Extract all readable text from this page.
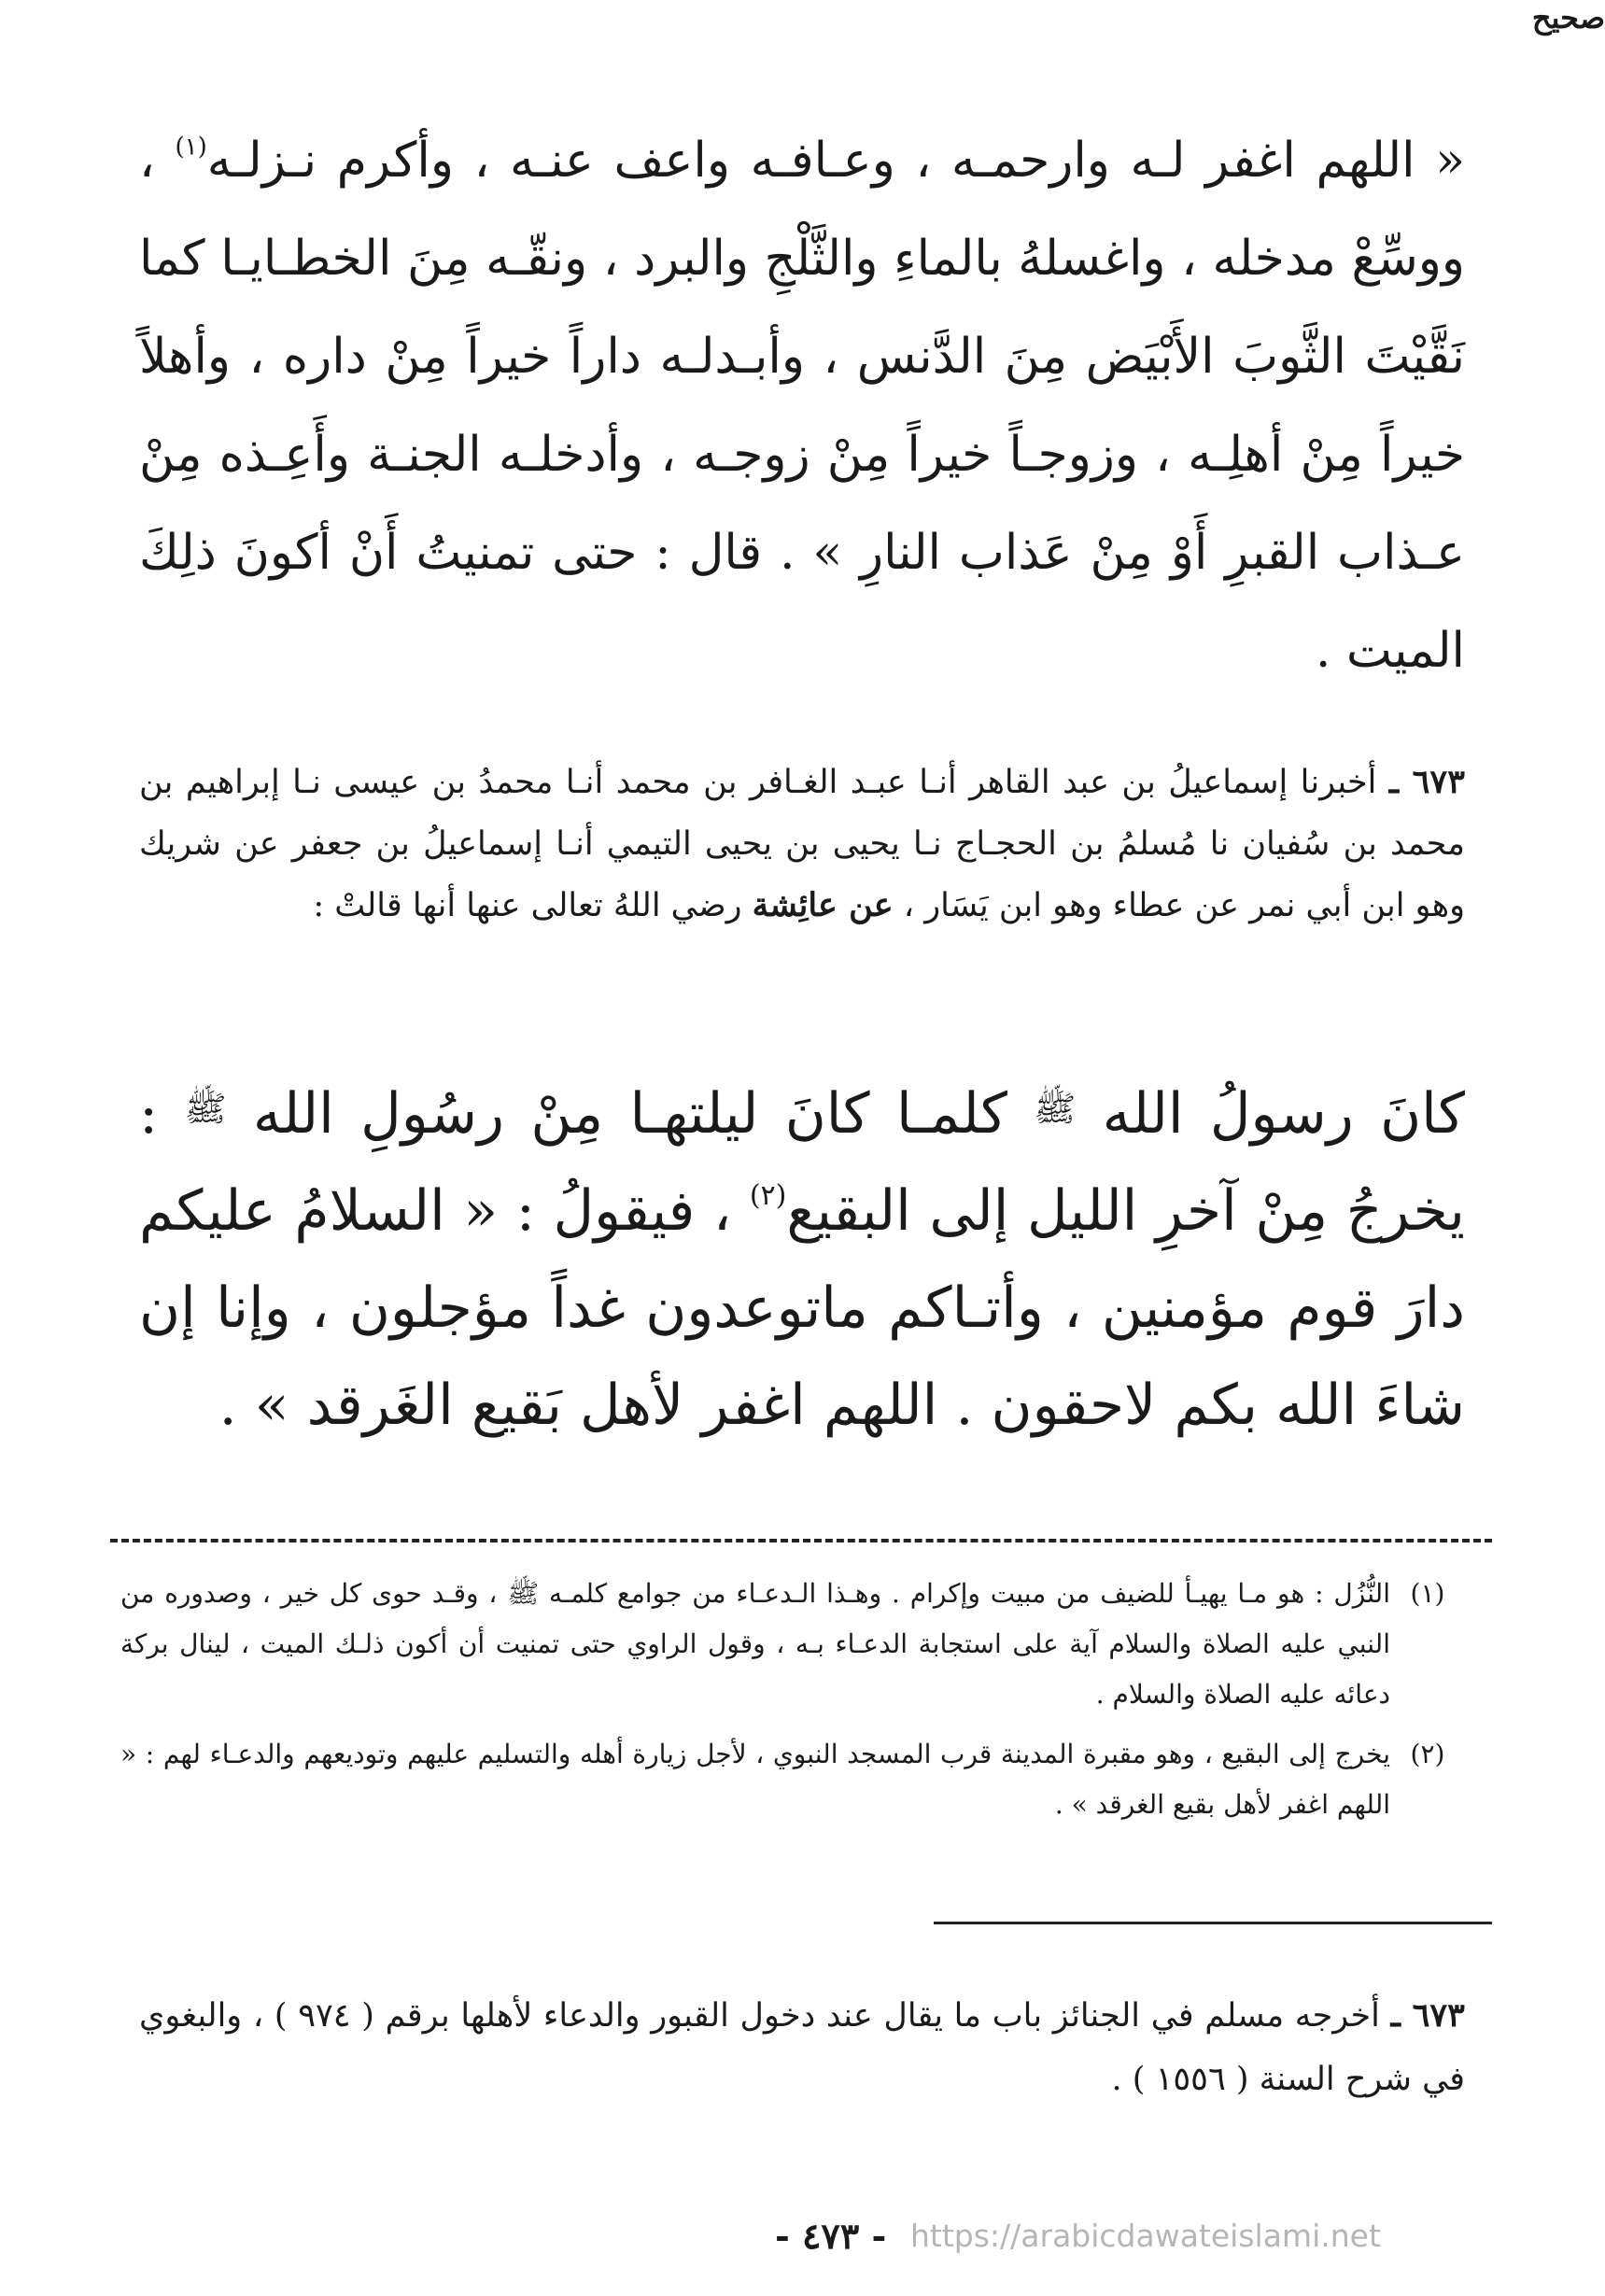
« اللهم اغفر لـه وارحمـه ، وعـافـه واعف عنـه ، وأكرم نـزلـه$^{(١)}$ ، ووسِّعْ مدخله ، واغسلهُ بالماءِ والثَّلْجِ والبرد ، ونقّـه مِنَ الخطـايـا كما نَقَّيْتَ الثَّوبَ الأَبْيَض مِنَ الدَّنس ، وأبـدلـه داراً خيراً مِنْ داره ، وأهلاً خيراً مِنْ أهلِـه ، وزوجـاً خيراً مِنْ زوجـه ، وأدخلـه الجنـة وأَعِـذه مِنْ عـذاب القبرِ أَوْ مِنْ عَذاب النارِ » . قال : حتى تمنيتُ أَنْ أكونَ ذلِكَ الميت .
صحيح
٦٧٣ ـ أخبرنا إسماعيلُ بن عبد القاهر أنـا عبـد الغـافر بن محمد أنـا محمدُ بن عيسى نـا إبراهيم بن محمد بن سُفيان نا مُسلمُ بن الحجـاج نـا يحيى بن يحيى التيمي أنـا إسماعيلُ بن جعفر عن شريك وهو ابن أبي نمر عن عطاء وهو ابن يَسَار ، عن عائِشة رضي اللهُ تعالى عنها أنها قالتْ :
كانَ رسولُ الله $^ﷺ$ كلمـا كانَ ليلتهـا مِنْ رسُولِ الله $^ﷺ$ : يخرجُ مِنْ آخرِ الليل إلى البقيع$^{(٢)}$ ، فيقولُ : « السلامُ عليكم دارَ قوم مؤمنين ، وأتـاكم ماتوعدون غداً مؤجلون ، وإنا إن شاءَ الله بكم لاحقون . اللهم اغفر لأهل بَقيع الغَرقد » .
(١)
النُّزُل : هو مـا يهيـأ للضيف من مبيت وإكرام . وهـذا الـدعـاء من جوامع كلمـه ﷺ ، وقـد حوى كل خير ، وصدوره من النبي عليه الصلاة والسلام آية على استجابة الدعـاء بـه ، وقول الراوي حتى تمنيت أن أكون ذلـك الميت ، لينال بركة دعائه عليه الصلاة والسلام .
(٢)
يخرج إلى البقيع ، وهو مقبرة المدينة قرب المسجد النبوي ، لأجل زيارة أهله والتسليم عليهم وتوديعهم والدعـاء لهم : « اللهم اغفر لأهل بقيع الغرقد » .
٦٧٣ ـ أخرجه مسلم في الجنائز باب ما يقال عند دخول القبور والدعاء لأهلها برقم ( ٩٧٤ ) ، والبغوي في شرح السنة ( ١٥٥٦ ) .
- ٤٧٣ - https://arabicdawateislami.net
